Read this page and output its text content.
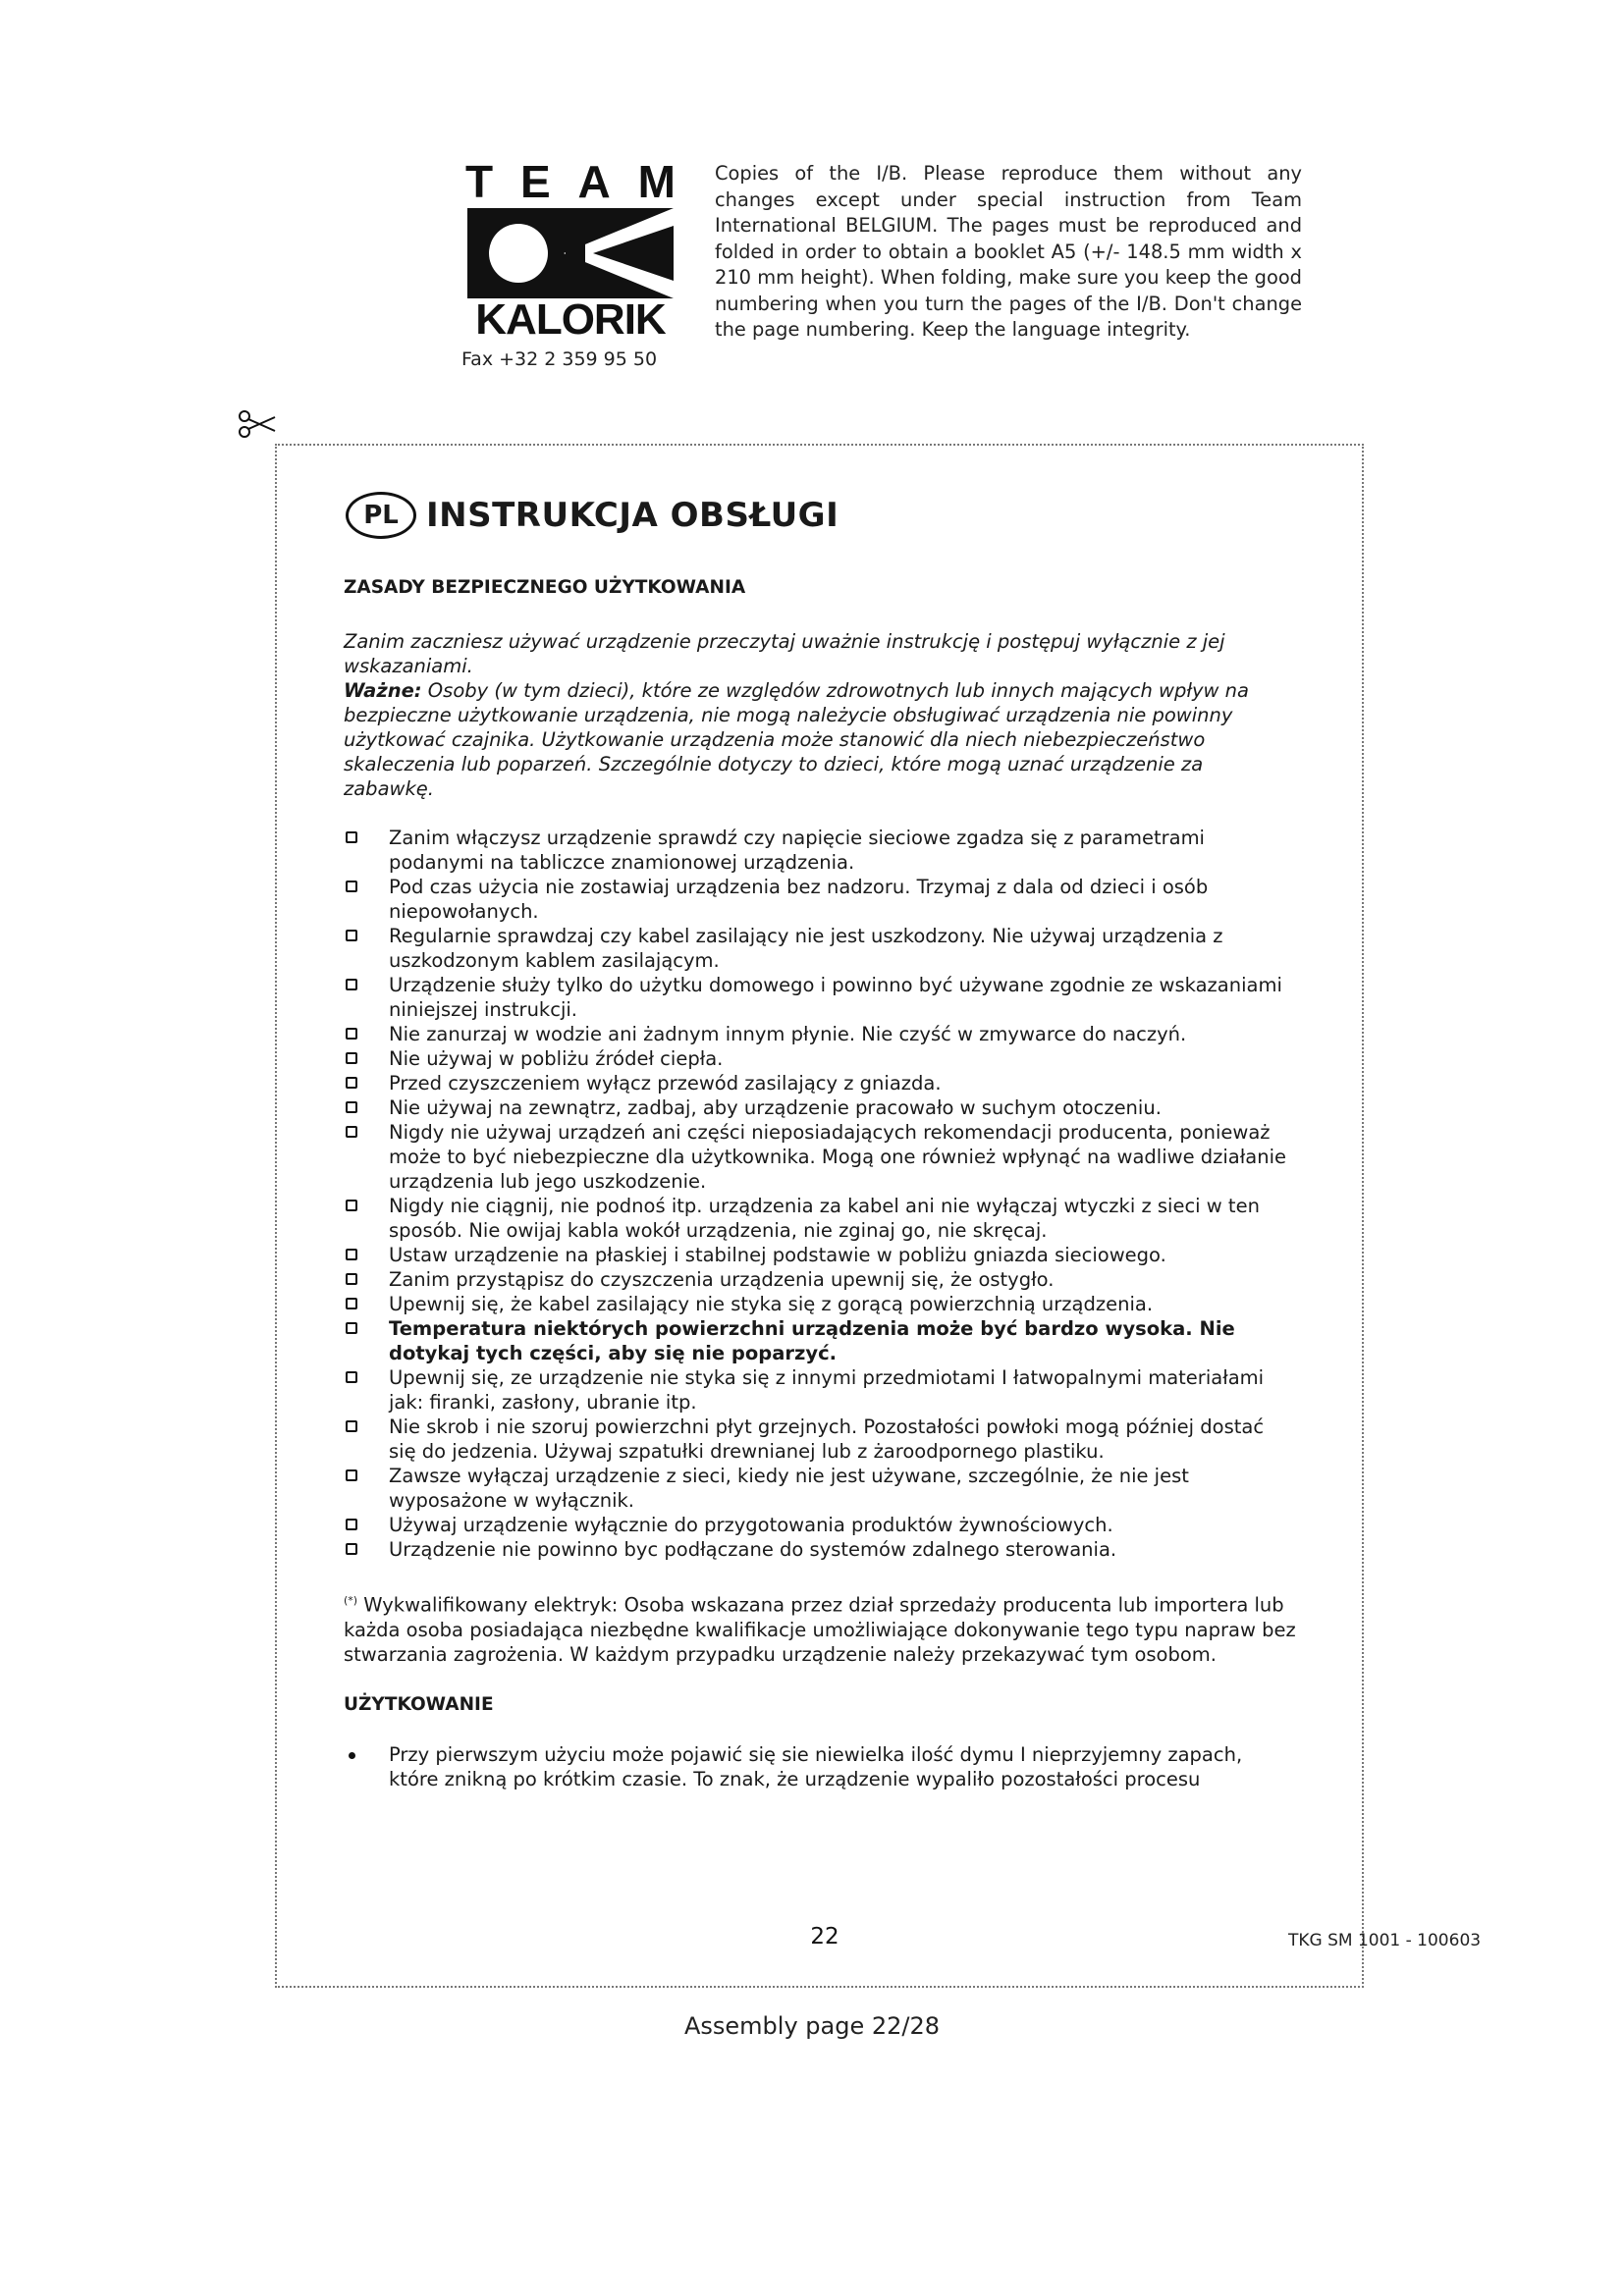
T E A M
KALORIK
Fax +32 2 359 95 50
Copies of the I/B. Please reproduce them without any changes except under special instruction from Team International BELGIUM. The pages must be reproduced and folded in order to obtain a booklet A5 (+/- 148.5 mm width x 210 mm height). When folding, make sure you keep the good numbering when you turn the pages of the I/B. Don't change the page numbering. Keep the language integrity.
PL INSTRUKCJA OBSŁUGI
ZASADY BEZPIECZNEGO UŻYTKOWANIA
Zanim zaczniesz używać urządzenie przeczytaj uważnie instrukcję i postępuj wyłącznie z jej wskazaniami.
Ważne: Osoby (w tym dzieci), które ze względów zdrowotnych lub innych mających wpływ na bezpieczne użytkowanie urządzenia, nie mogą należycie obsługiwać urządzenia nie powinny użytkować czajnika. Użytkowanie urządzenia może stanowić dla niech niebezpieczeństwo skaleczenia lub poparzeń. Szczególnie dotyczy to dzieci, które mogą uznać urządzenie za zabawkę.
Zanim włączysz urządzenie sprawdź czy napięcie sieciowe zgadza się z parametrami podanymi na tabliczce znamionowej urządzenia.
Pod czas użycia nie zostawiaj urządzenia bez nadzoru. Trzymaj z dala od dzieci i osób niepowołanych.
Regularnie sprawdzaj czy kabel zasilający nie jest uszkodzony. Nie używaj urządzenia z uszkodzonym kablem zasilającym.
Urządzenie służy tylko do użytku domowego i powinno być używane zgodnie ze wskazaniami niniejszej instrukcji.
Nie zanurzaj w wodzie ani żadnym innym płynie. Nie czyść w zmywarce do naczyń.
Nie używaj w pobliżu źródeł ciepła.
Przed czyszczeniem wyłącz przewód zasilający z gniazda.
Nie używaj na zewnątrz, zadbaj, aby urządzenie pracowało w suchym otoczeniu.
Nigdy nie używaj urządzeń ani części nieposiadających rekomendacji producenta, ponieważ może to być niebezpieczne dla użytkownika. Mogą one również wpłynąć na wadliwe działanie urządzenia lub jego uszkodzenie.
Nigdy nie ciągnij, nie podnoś itp. urządzenia za kabel ani nie wyłączaj wtyczki z sieci w ten sposób. Nie owijaj kabla wokół urządzenia, nie zginaj go, nie skręcaj.
Ustaw urządzenie na płaskiej i stabilnej podstawie w pobliżu gniazda sieciowego.
Zanim przystąpisz do czyszczenia urządzenia upewnij się, że ostygło.
Upewnij się, że kabel zasilający nie styka się z gorącą powierzchnią urządzenia.
Temperatura niektórych powierzchni urządzenia może być bardzo wysoka. Nie dotykaj tych części, aby się nie poparzyć.
Upewnij się, ze urządzenie nie styka się z innymi przedmiotami I łatwopalnymi materiałami jak: firanki, zasłony, ubranie itp.
Nie skrob i nie szoruj powierzchni płyt grzejnych. Pozostałości powłoki mogą później dostać się do jedzenia. Używaj szpatułki drewnianej lub z żaroodpornego plastiku.
Zawsze wyłączaj urządzenie z sieci, kiedy nie jest używane, szczególnie, że nie jest wyposażone w wyłącznik.
Używaj urządzenie wyłącznie do przygotowania produktów żywnościowych.
Urządzenie nie powinno byc podłączane do systemów zdalnego sterowania.
(*) Wykwalifikowany elektryk: Osoba wskazana przez dział sprzedaży producenta lub importera lub każda osoba posiadająca niezbędne kwalifikacje umożliwiające dokonywanie tego typu napraw bez stwarzania zagrożenia. W każdym przypadku urządzenie należy przekazywać tym osobom.
UŻYTKOWANIE
Przy pierwszym użyciu może pojawić się sie niewielka ilość dymu I nieprzyjemny zapach, które znikną po krótkim czasie. To znak, że urządzenie wypaliło pozostałości procesu
22	TKG SM 1001 - 100603
Assembly page 22/28
